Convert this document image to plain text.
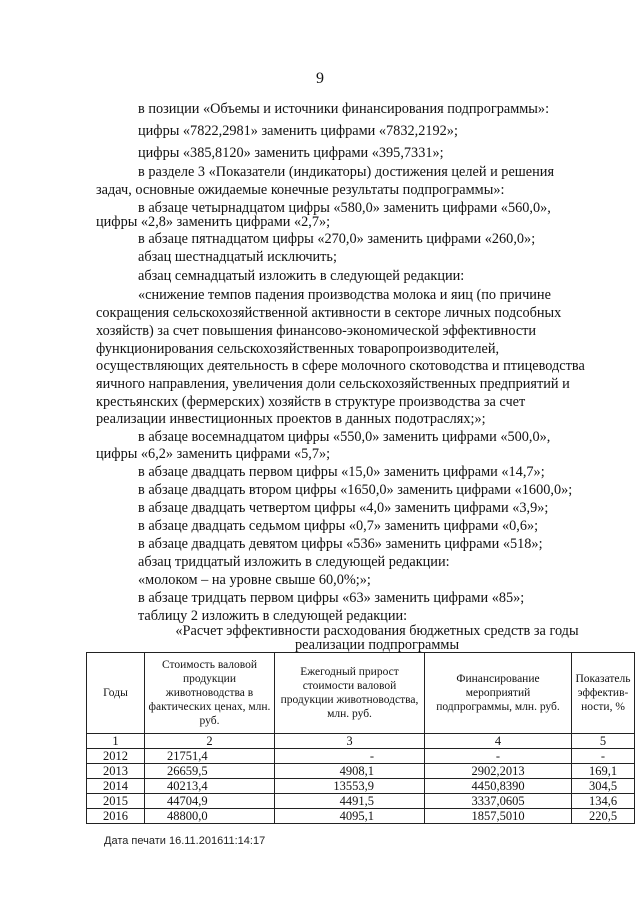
9
в позиции «Объемы и источники финансирования подпрограммы»:
цифры «7822,2981» заменить цифрами «7832,2192»;
цифры «385,8120» заменить цифрами «395,7331»;
в разделе 3 «Показатели (индикаторы) достижения целей и решения
задач, основные ожидаемые конечные результаты подпрограммы»:
в абзаце четырнадцатом цифры «580,0» заменить цифрами «560,0»,
цифры «2,8» заменить цифрами «2,7»;
в абзаце пятнадцатом цифры «270,0» заменить цифрами «260,0»;
абзац шестнадцатый исключить;
абзац семнадцатый изложить в следующей редакции:
«снижение темпов падения производства молока и яиц (по причине
сокращения сельскохозяйственной активности в секторе личных подсобных
хозяйств) за счет повышения финансово-экономической эффективности
функционирования сельскохозяйственных товаропроизводителей,
осуществляющих деятельность в сфере молочного скотоводства и птицеводства
яичного направления, увеличения доли сельскохозяйственных предприятий и
крестьянских (фермерских) хозяйств в структуре производства за счет
реализации инвестиционных проектов в данных подотраслях;»;
в абзаце восемнадцатом цифры «550,0» заменить цифрами «500,0»,
цифры «6,2» заменить цифрами «5,7»;
в абзаце двадцать первом цифры «15,0» заменить цифрами «14,7»;
в абзаце двадцать втором цифры «1650,0» заменить цифрами «1600,0»;
в абзаце двадцать четвертом цифры «4,0» заменить цифрами «3,9»;
в абзаце двадцать седьмом цифры «0,7» заменить цифрами «0,6»;
в абзаце двадцать девятом цифры «536» заменить цифрами «518»;
абзац тридцатый изложить в следующей редакции:
«молоком – на уровне свыше 60,0%;»;
в абзаце тридцать первом цифры «63» заменить цифрами «85»;
таблицу 2 изложить в следующей редакции:
«Расчет эффективности расходования бюджетных средств за годы
реализации подпрограммы
Годы	Стоимость валовой продукции животноводства в фактических ценах, млн. руб.	Ежегодный прирост стоимости валовой продукции животноводства, млн. руб.	Финансирование мероприятий подпрограммы, млн. руб.	Показатель эффектив-ности, %
1	2	3	4	5
2012	21751,4	-	-	-
2013	26659,5	4908,1	2902,2013	169,1
2014	40213,4	13553,9	4450,8390	304,5
2015	44704,9	4491,5	3337,0605	134,6
2016	48800,0	4095,1	1857,5010	220,5
Дата печати 16.11.201611:14:17
